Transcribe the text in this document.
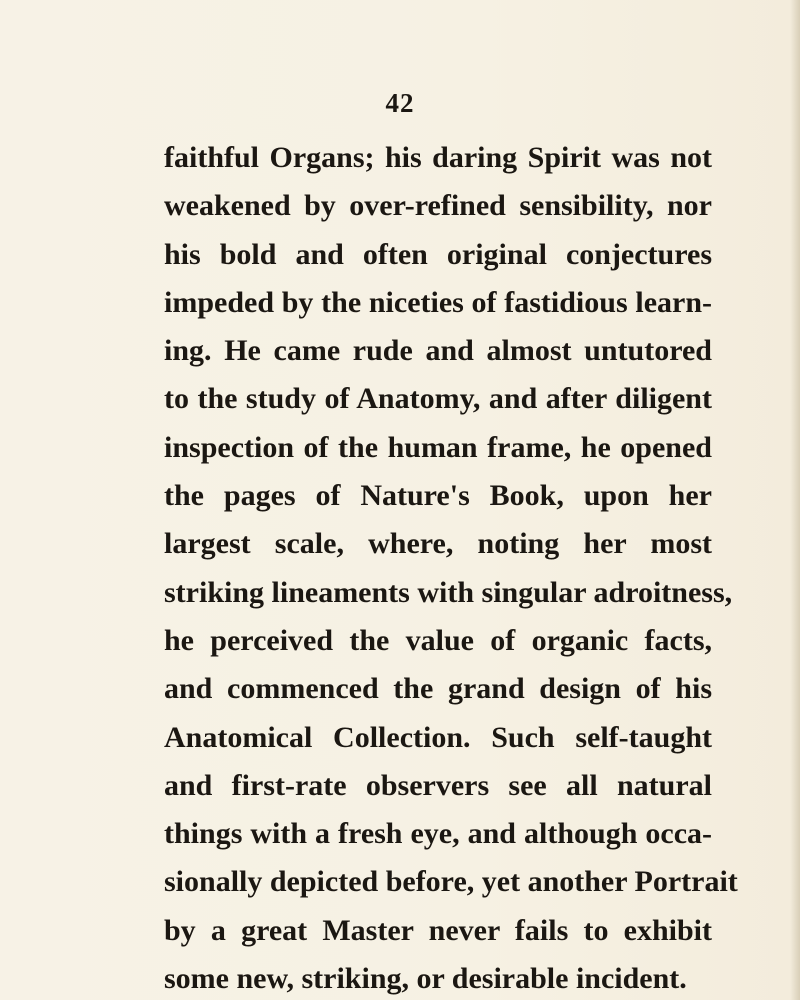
42
faithful Organs; his daring Spirit was not
weakened by over-refined sensibility, nor
his bold and often original conjectures
impeded by the niceties of fastidious learn-
ing. He came rude and almost untutored
to the study of Anatomy, and after diligent
inspection of the human frame, he opened
the pages of Nature's Book, upon her
largest scale, where, noting her most
striking lineaments with singular adroitness,
he perceived the value of organic facts,
and commenced the grand design of his
Anatomical Collection. Such self-taught
and first-rate observers see all natural
things with a fresh eye, and although occa-
sionally depicted before, yet another Portrait
by a great Master never fails to exhibit
some new, striking, or desirable incident.
